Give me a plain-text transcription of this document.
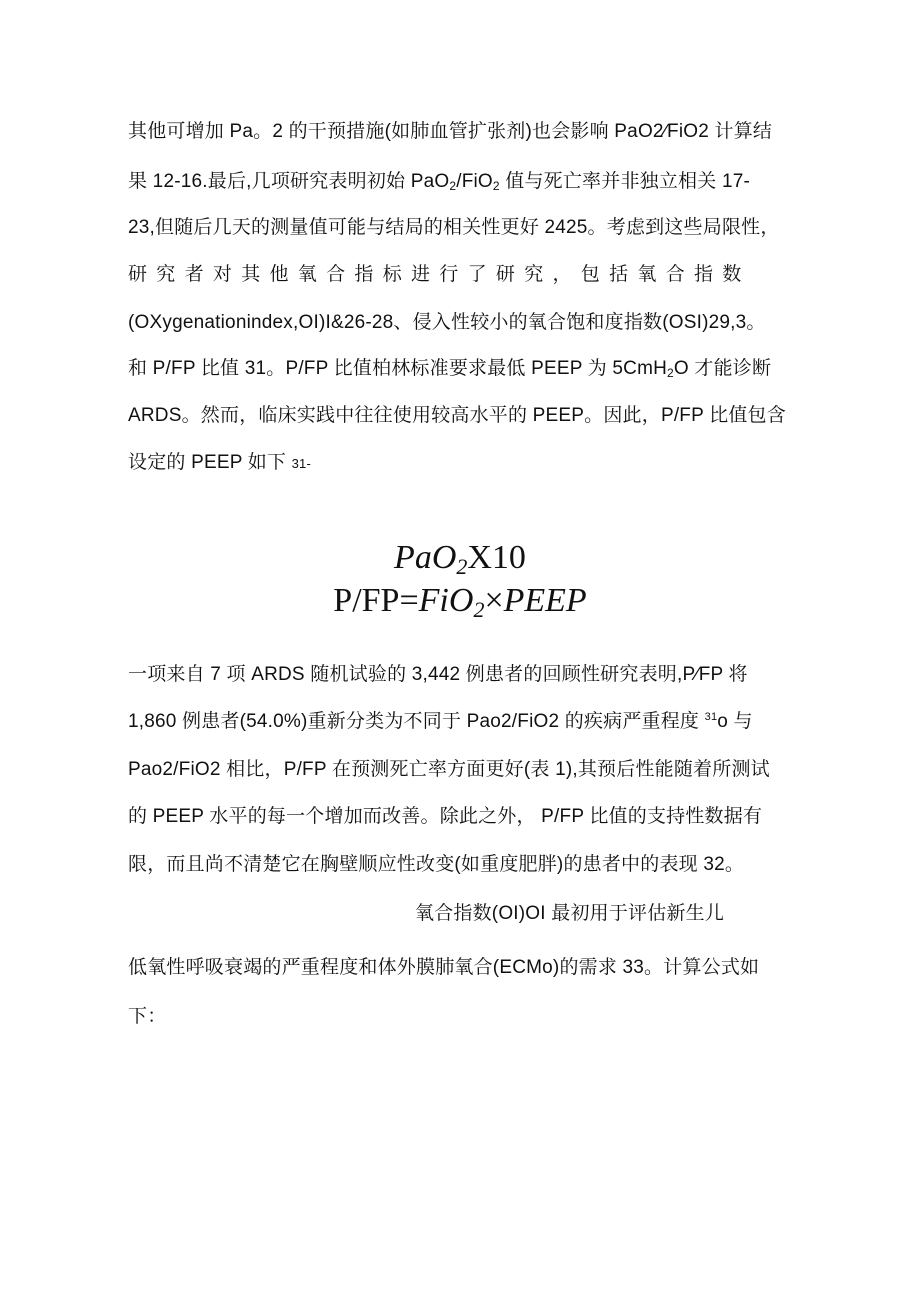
其他可增加 Pa。2 的干预措施(如肺血管扩张剂)也会影响 PaO2∕FiO2 计算结
果 12-16.最后,几项研究表明初始 PaO$_2$/FiO$_2$ 值与死亡率并非独立相关 17-
23,但随后几天的测量值可能与结局的相关性更好 2425。考虑到这些局限性，
研究者对其他氧合指标进行了研究，包括氧合指数
(OXygenationindex,OI)I&26-28、侵入性较小的氧合饱和度指数(OSI)29,3。
和 P/FP 比值 31。P/FP 比值柏林标准要求最低 PEEP 为 5CmH$_2$O 才能诊断
ARDS。然而，临床实践中往往使用较高水平的 PEEP。因此，P/FP 比值包含
设定的 PEEP 如下 31-
PaO$_2$X10
P/FP=FiO$_2$×PEEP
一项来自 7 项 ARDS 随机试验的 3,442 例患者的回顾性研究表明,P∕FP 将
1,860 例患者(54.0%)重新分类为不同于 Pao2/FiO2 的疾病严重程度 $^{31}$o 与
Pao2/FiO2 相比，P/FP 在预测死亡率方面更好(表 1),其预后性能随着所测试
的 PEEP 水平的每一个增加而改善。除此之外， P/FP 比值的支持性数据有
限，而且尚不清楚它在胸壁顺应性改变(如重度肥胖)的患者中的表现 32。
氧合指数(OI)OI 最初用于评估新生儿
低氧性呼吸衰竭的严重程度和体外膜肺氧合(ECMo)的需求 33。计算公式如
下：
